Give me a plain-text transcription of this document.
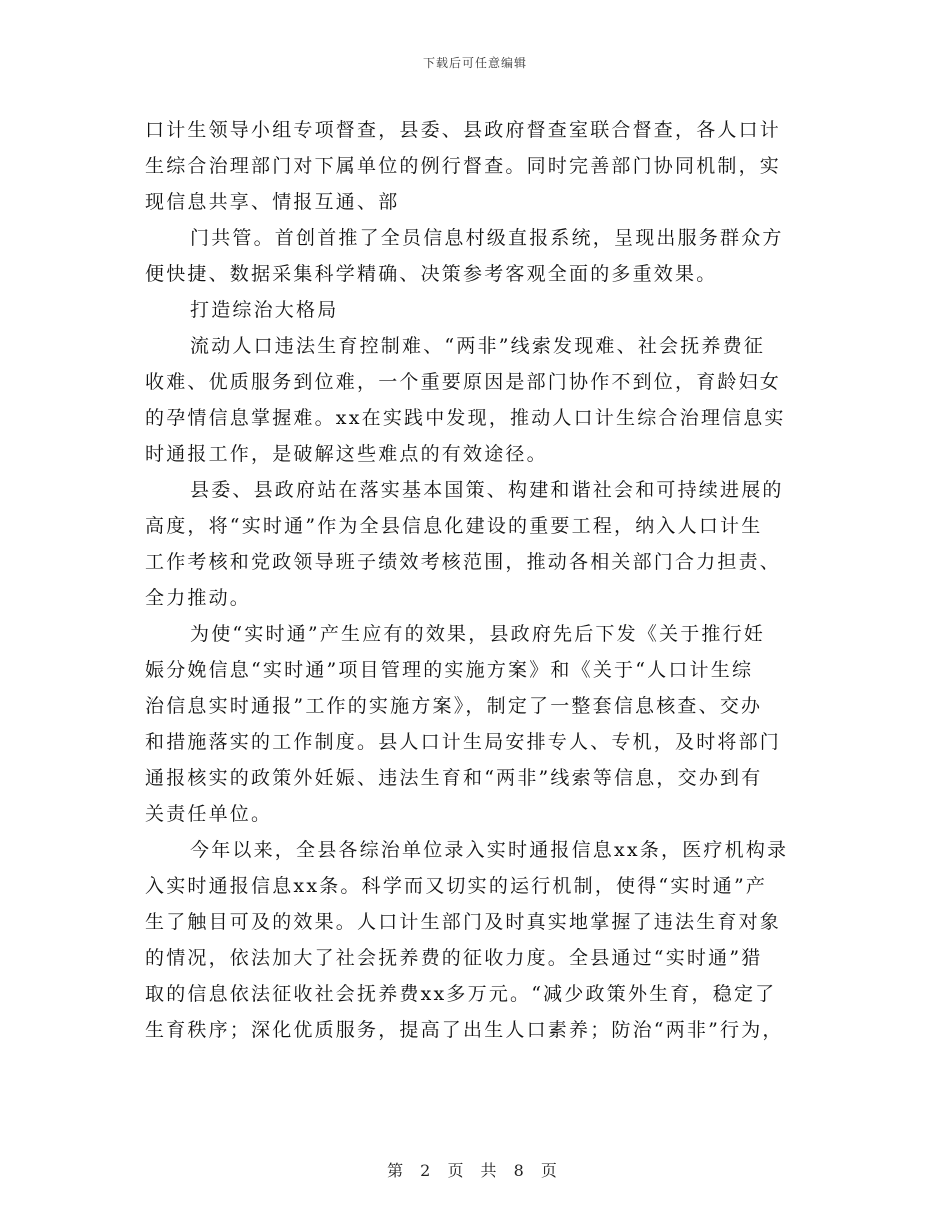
下载后可任意编辑
口计生领导小组专项督查，县委、县政府督查室联合督查，各人口计
生综合治理部门对下属单位的例行督查。同时完善部门协同机制，实
现信息共享、情报互通、部
门共管。首创首推了全员信息村级直报系统，呈现出服务群众方
便快捷、数据采集科学精确、决策参考客观全面的多重效果。
打造综治大格局
流动人口违法生育控制难、“两非”线索发现难、社会抚养费征
收难、优质服务到位难，一个重要原因是部门协作不到位，育龄妇女
的孕情信息掌握难。xx在实践中发现，推动人口计生综合治理信息实
时通报工作，是破解这些难点的有效途径。
县委、县政府站在落实基本国策、构建和谐社会和可持续进展的
高度，将“实时通”作为全县信息化建设的重要工程，纳入人口计生
工作考核和党政领导班子绩效考核范围，推动各相关部门合力担责、
全力推动。
为使“实时通”产生应有的效果，县政府先后下发《关于推行妊
娠分娩信息“实时通”项目管理的实施方案》和《关于“人口计生综
治信息实时通报”工作的实施方案》，制定了一整套信息核查、交办
和措施落实的工作制度。县人口计生局安排专人、专机，及时将部门
通报核实的政策外妊娠、违法生育和“两非”线索等信息，交办到有
关责任单位。
今年以来，全县各综治单位录入实时通报信息xx条，医疗机构录
入实时通报信息xx条。科学而又切实的运行机制，使得“实时通”产
生了触目可及的效果。人口计生部门及时真实地掌握了违法生育对象
的情况，依法加大了社会抚养费的征收力度。全县通过“实时通”猎
取的信息依法征收社会抚养费xx多万元。“减少政策外生育，稳定了
生育秩序；深化优质服务，提高了出生人口素养；防治“两非”行为，
第 2 页 共 8 页
